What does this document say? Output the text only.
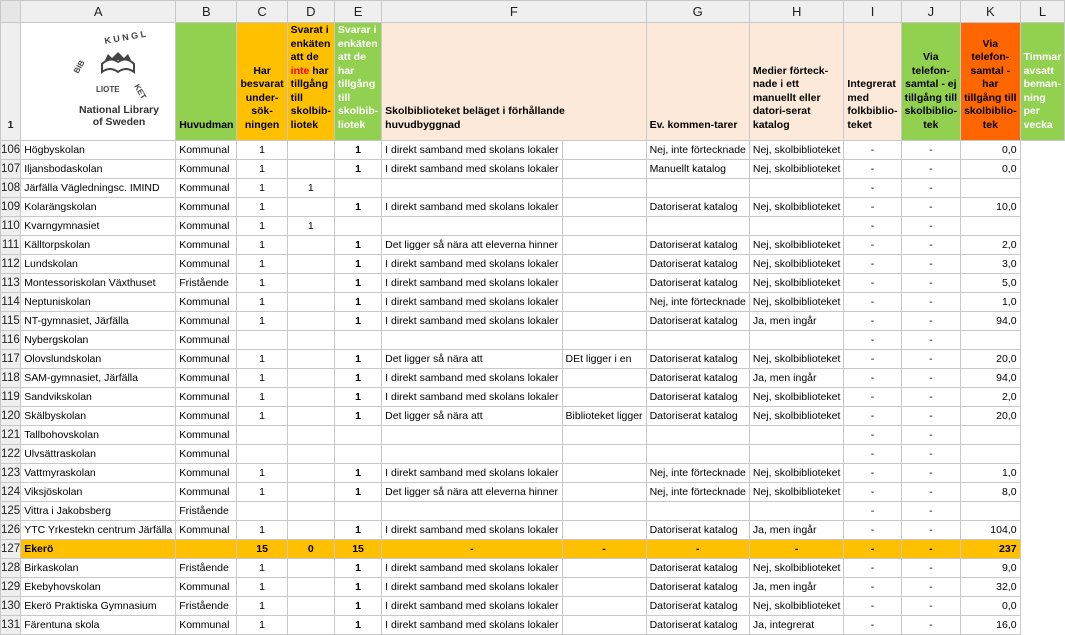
	A	B	C	D	E	F		G	H	I	J	K	L
1		Huvudman	Har besvarat under-sök-ningen	Svarat i enkäten att de inte har tillgång till skolbib-liotek	Svarar i enkäten att de har tillgång till skolbib-liotek	Skolbiblioteket beläget i förhållande huvudbyggnad		Ev. kommen-tarer	Medier förteck-nade i ett manuellt eller datori-serat katalog	Integrerat med folkbiblio-teket	Via telefon-samtal - ej tillgång till skolbiblio-tek	Via telefon-samtal - har tillgång till skolbiblio-tek	Timmar avsatt beman-ning per vecka
106	Högbyskolan	Kommunal	1		1	I direkt samband med skolans lokaler		Nej, inte förtecknade	Nej, skolbiblioteket	-	-	0,0	
107	Iljansbodaskolan	Kommunal	1		1	I direkt samband med skolans lokaler		Manuellt katalog	Nej, skolbiblioteket	-	-	0,0	
108	Järfälla Vägledningsc. IMIND	Kommunal	1	1						-	-		
109	Kolarängskolan	Kommunal	1		1	I direkt samband med skolans lokaler		Datoriserat katalog	Nej, skolbiblioteket	-	-	10,0	
110	Kvarngymnasiet	Kommunal	1	1						-	-		
111	Källtorpskolan	Kommunal	1		1	Det ligger så nära att eleverna hinner		Datoriserat katalog	Nej, skolbiblioteket	-	-	2,0	
112	Lundskolan	Kommunal	1		1	I direkt samband med skolans lokaler		Datoriserat katalog	Nej, skolbiblioteket	-	-	3,0	
113	Montessoriskolan Växthuset	Fristående	1		1	I direkt samband med skolans lokaler		Datoriserat katalog	Nej, skolbiblioteket	-	-	5,0	
114	Neptuniskolan	Kommunal	1		1	I direkt samband med skolans lokaler		Nej, inte förtecknade	Nej, skolbiblioteket	-	-	1,0	
115	NT-gymnasiet, Järfälla	Kommunal	1		1	I direkt samband med skolans lokaler		Datoriserat katalog	Ja, men ingår	-	-	94,0	
116	Nybergskolan	Kommunal								-	-		
117	Olovslundskolan	Kommunal	1		1	Det ligger så nära att	DEt ligger i en	Datoriserat katalog	Nej, skolbiblioteket	-	-	20,0	
118	SAM-gymnasiet, Järfälla	Kommunal	1		1	I direkt samband med skolans lokaler		Datoriserat katalog	Ja, men ingår	-	-	94,0	
119	Sandvikskolan	Kommunal	1		1	I direkt samband med skolans lokaler		Datoriserat katalog	Nej, skolbiblioteket	-	-	2,0	
120	Skälbyskolan	Kommunal	1		1	Det ligger så nära att	Biblioteket ligger	Datoriserat katalog	Nej, skolbiblioteket	-	-	20,0	
121	Tallbohovskolan	Kommunal								-	-		
122	Ulvsättraskolan	Kommunal								-	-		
123	Vattmyraskolan	Kommunal	1		1	I direkt samband med skolans lokaler		Nej, inte förtecknade	Nej, skolbiblioteket	-	-	1,0	
124	Viksjöskolan	Kommunal	1		1	Det ligger så nära att eleverna hinner		Nej, inte förtecknade	Nej, skolbiblioteket	-	-	8,0	
125	Vittra i Jakobsberg	Fristående								-	-		
126	YTC Yrkestekn centrum Järfälla	Kommunal	1		1	I direkt samband med skolans lokaler		Datoriserat katalog	Ja, men ingår	-	-	104,0	
127	Ekerö		15	0	15	-	-	-	-	-	-	237	
128	Birkaskolan	Fristående	1		1	I direkt samband med skolans lokaler		Datoriserat katalog	Nej, skolbiblioteket	-	-	9,0	
129	Ekebyhovskolan	Kommunal	1		1	I direkt samband med skolans lokaler		Datoriserat katalog	Ja, men ingår	-	-	32,0	
130	Ekerö Praktiska Gymnasium	Fristående	1		1	I direkt samband med skolans lokaler		Datoriserat katalog	Nej, skolbiblioteket	-	-	0,0	
131	Färentuna skola	Kommunal	1		1	I direkt samband med skolans lokaler		Datoriserat katalog	Ja, integrerat	-	-	16,0	
K U N G L
BIB
KET
LIOTE
National Library
of Sweden
